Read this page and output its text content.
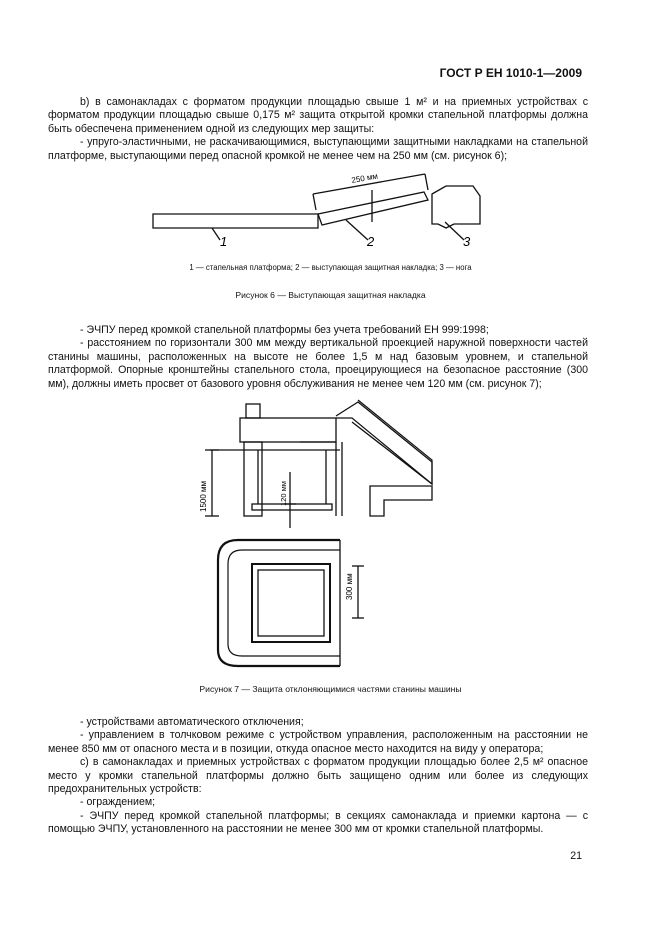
ГОСТ Р ЕН 1010-1—2009

b) в самонакладах с форматом продукции площадью свыше 1 м² и на приемных устройствах с форматом продукции площадью свыше 0,175 м² защита открытой кромки стапельной платформы должна быть обеспечена применением одной из следующих мер защиты:

- упруго-эластичными, не раскачивающимися, выступающими защитными накладками на стапельной платформе, выступающими перед опасной кромкой не менее чем на 250 мм (см. рисунок 6);

250 мм
1	2	3
1 — стапельная платформа; 2 — выступающая защитная накладка; 3 — нога
Рисунок 6 — Выступающая защитная накладка

- ЭЧПУ перед кромкой стапельной платформы без учета требований ЕН 999:1998;

- расстоянием по горизонтали 300 мм между вертикальной проекцией наружной поверхности частей станины машины, расположенных на высоте не более 1,5 м над базовым уровнем, и стапельной платформой. Опорные кронштейны стапельного стола, проецирующиеся на безопасное расстояние (300 мм), должны иметь просвет от базового уровня обслуживания не менее чем 120 мм (см. рисунок 7);

1500 мм	120 мм
300 мм
Рисунок 7 — Защита отклоняющимися частями станины машины

- устройствами автоматического отключения;

- управлением в толчковом режиме с устройством управления, расположенным на расстоянии не менее 850 мм от опасного места и в позиции, откуда опасное место находится на виду у оператора;

с) в самонакладах и приемных устройствах с форматом продукции площадью более 2,5 м² опасное место у кромки стапельной платформы должно быть защищено одним или более из следующих предохранительных устройств:

- ограждением;

- ЭЧПУ перед кромкой стапельной платформы; в секциях самонаклада и приемки картона — с помощью ЭЧПУ, установленного на расстоянии не менее 300 мм от кромки стапельной платформы.

21
